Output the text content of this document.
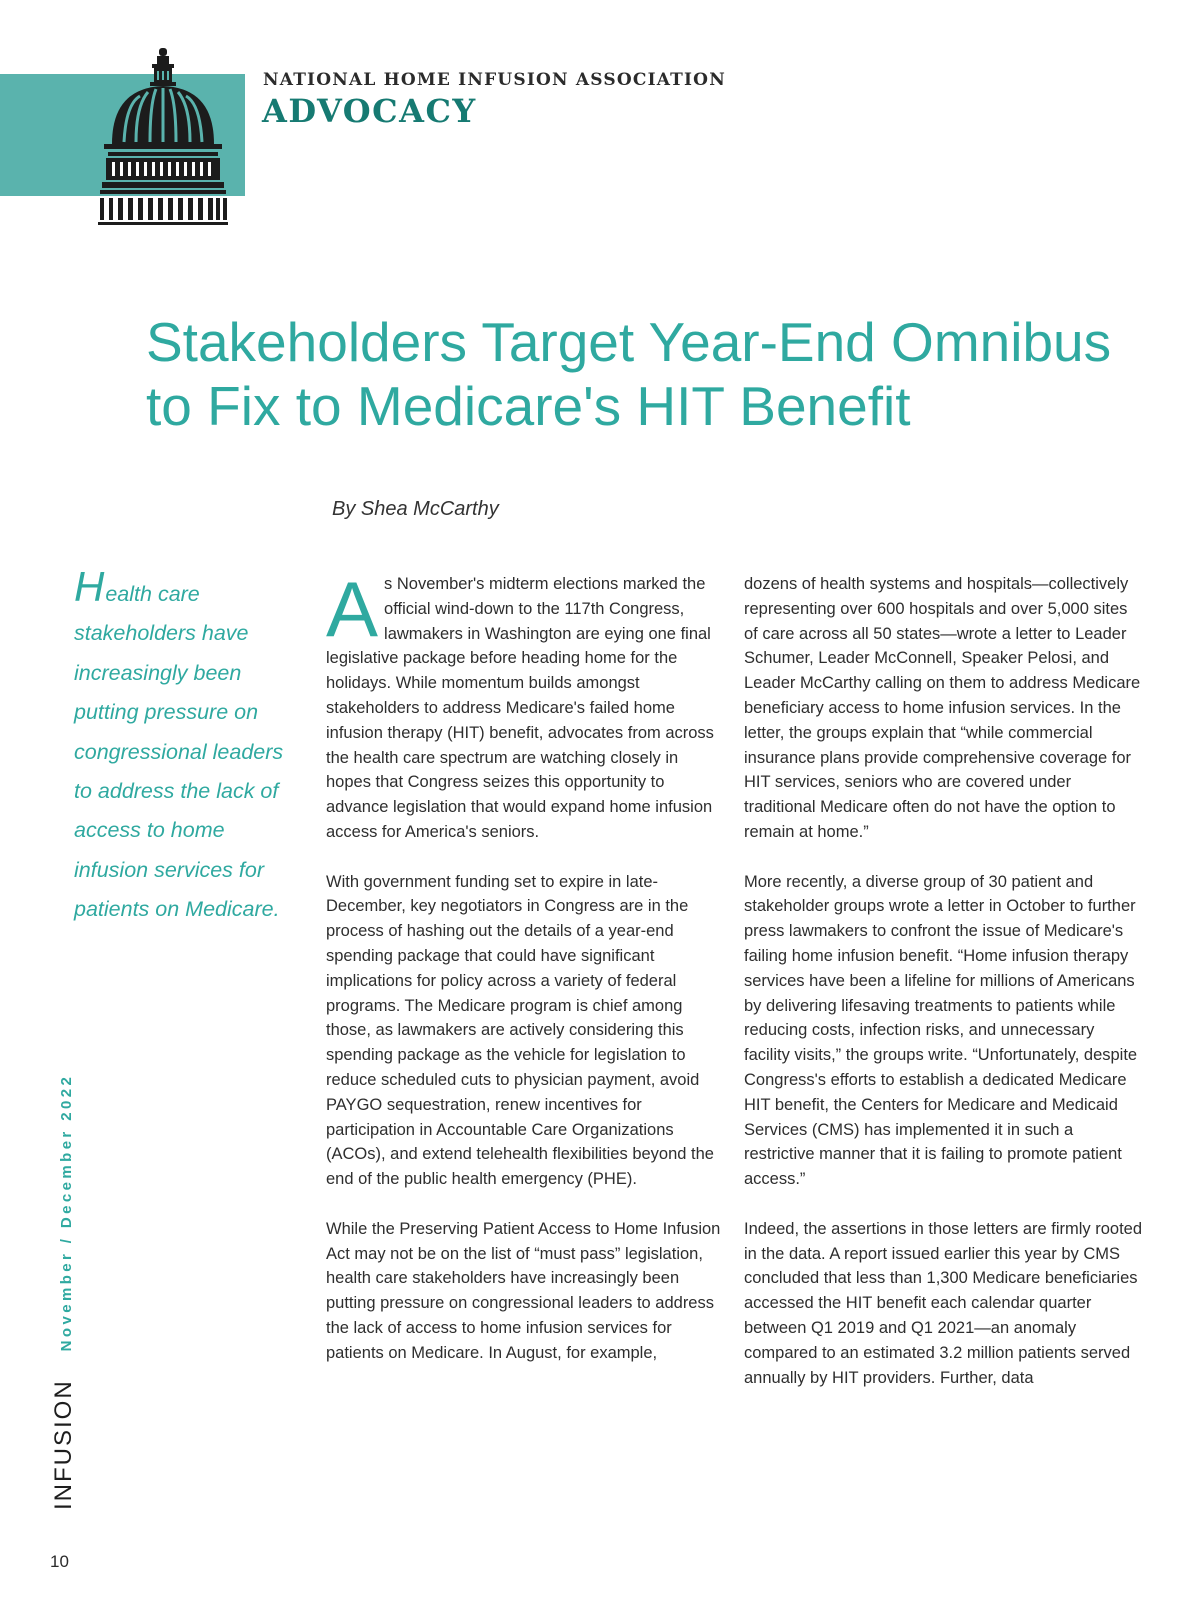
NATIONAL HOME INFUSION ASSOCIATION
ADVOCACY
Stakeholders Target Year-End Omnibus
to Fix to Medicare's HIT Benefit
By Shea McCarthy
Health care stakeholders have increasingly been putting pressure on congressional leaders to address the lack of access to home infusion services for patients on Medicare.

As November's midterm elections marked the official wind-down to the 117th Congress, lawmakers in Washington are eying one final legislative package before heading home for the holidays. While momentum builds amongst stakeholders to address Medicare's failed home infusion therapy (HIT) benefit, advocates from across the health care spectrum are watching closely in hopes that Congress seizes this opportunity to advance legislation that would expand home infusion access for America's seniors.

With government funding set to expire in late-December, key negotiators in Congress are in the process of hashing out the details of a year-end spending package that could have significant implications for policy across a variety of federal programs. The Medicare program is chief among those, as lawmakers are actively considering this spending package as the vehicle for legislation to reduce scheduled cuts to physician payment, avoid PAYGO sequestration, renew incentives for participation in Accountable Care Organizations (ACOs), and extend telehealth flexibilities beyond the end of the public health emergency (PHE).

While the Preserving Patient Access to Home Infusion Act may not be on the list of “must pass” legislation, health care stakeholders have increasingly been putting pressure on congressional leaders to address the lack of access to home infusion services for patients on Medicare. In August, for example,

dozens of health systems and hospitals—collectively representing over 600 hospitals and over 5,000 sites of care across all 50 states—wrote a letter to Leader Schumer, Leader McConnell, Speaker Pelosi, and Leader McCarthy calling on them to address Medicare beneficiary access to home infusion services. In the letter, the groups explain that “while commercial insurance plans provide comprehensive coverage for HIT services, seniors who are covered under traditional Medicare often do not have the option to remain at home.”

More recently, a diverse group of 30 patient and stakeholder groups wrote a letter in October to further press lawmakers to confront the issue of Medicare's failing home infusion benefit. “Home infusion therapy services have been a lifeline for millions of Americans by delivering lifesaving treatments to patients while reducing costs, infection risks, and unnecessary facility visits,” the groups write. “Unfortunately, despite Congress's efforts to establish a dedicated Medicare HIT benefit, the Centers for Medicare and Medicaid Services (CMS) has implemented it in such a restrictive manner that it is failing to promote patient access.”

Indeed, the assertions in those letters are firmly rooted in the data. A report issued earlier this year by CMS concluded that less than 1,300 Medicare beneficiaries accessed the HIT benefit each calendar quarter between Q1 2019 and Q1 2021—an anomaly compared to an estimated 3.2 million patients served annually by HIT providers. Further, data

INFUSION
November / December 2022
10
